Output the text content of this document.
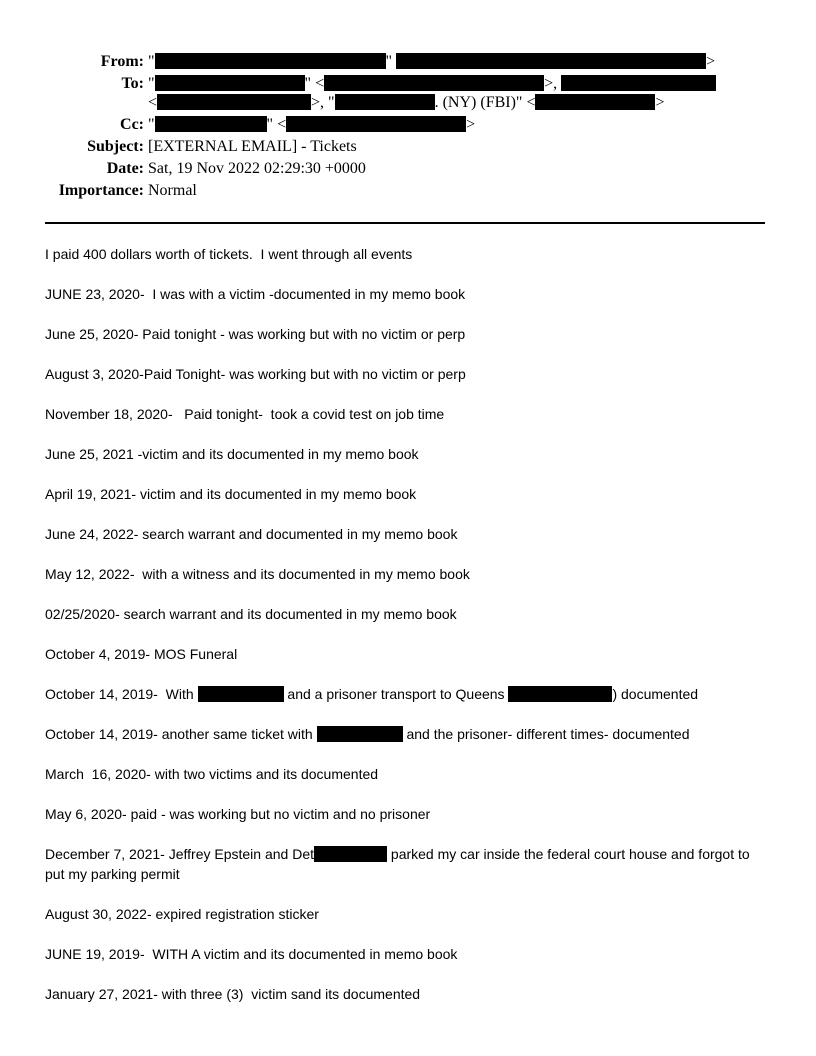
From: "	"	>
To: "	" <	>,
<	>, "	. (NY) (FBI)" <	>
Cc: "	" <	>
Subject: [EXTERNAL EMAIL] - Tickets
Date: Sat, 19 Nov 2022 02:29:30 +0000
Importance: Normal
I paid 400 dollars worth of tickets.  I went through all events
JUNE 23, 2020-  I was with a victim -documented in my memo book
June 25, 2020- Paid tonight - was working but with no victim or perp
August 3, 2020-Paid Tonight- was working but with no victim or perp
November 18, 2020-   Paid tonight-  took a covid test on job time
June 25, 2021 -victim and its documented in my memo book
April 19, 2021- victim and its documented in my memo book
June 24, 2022- search warrant and documented in my memo book
May 12, 2022-  with a witness and its documented in my memo book
02/25/2020- search warrant and its documented in my memo book
October 4, 2019- MOS Funeral
October 14, 2019-  With	and a prisoner transport to Queens	) documented
October 14, 2019- another same ticket with	and the prisoner- different times- documented
March  16, 2020- with two victims and its documented
May 6, 2020- paid - was working but no victim and no prisoner
December 7, 2021- Jeffrey Epstein and Det	parked my car inside the federal court house and forgot to put my parking permit
August 30, 2022- expired registration sticker
JUNE 19, 2019-  WITH A victim and its documented in memo book
January 27, 2021- with three (3)  victim sand its documented
